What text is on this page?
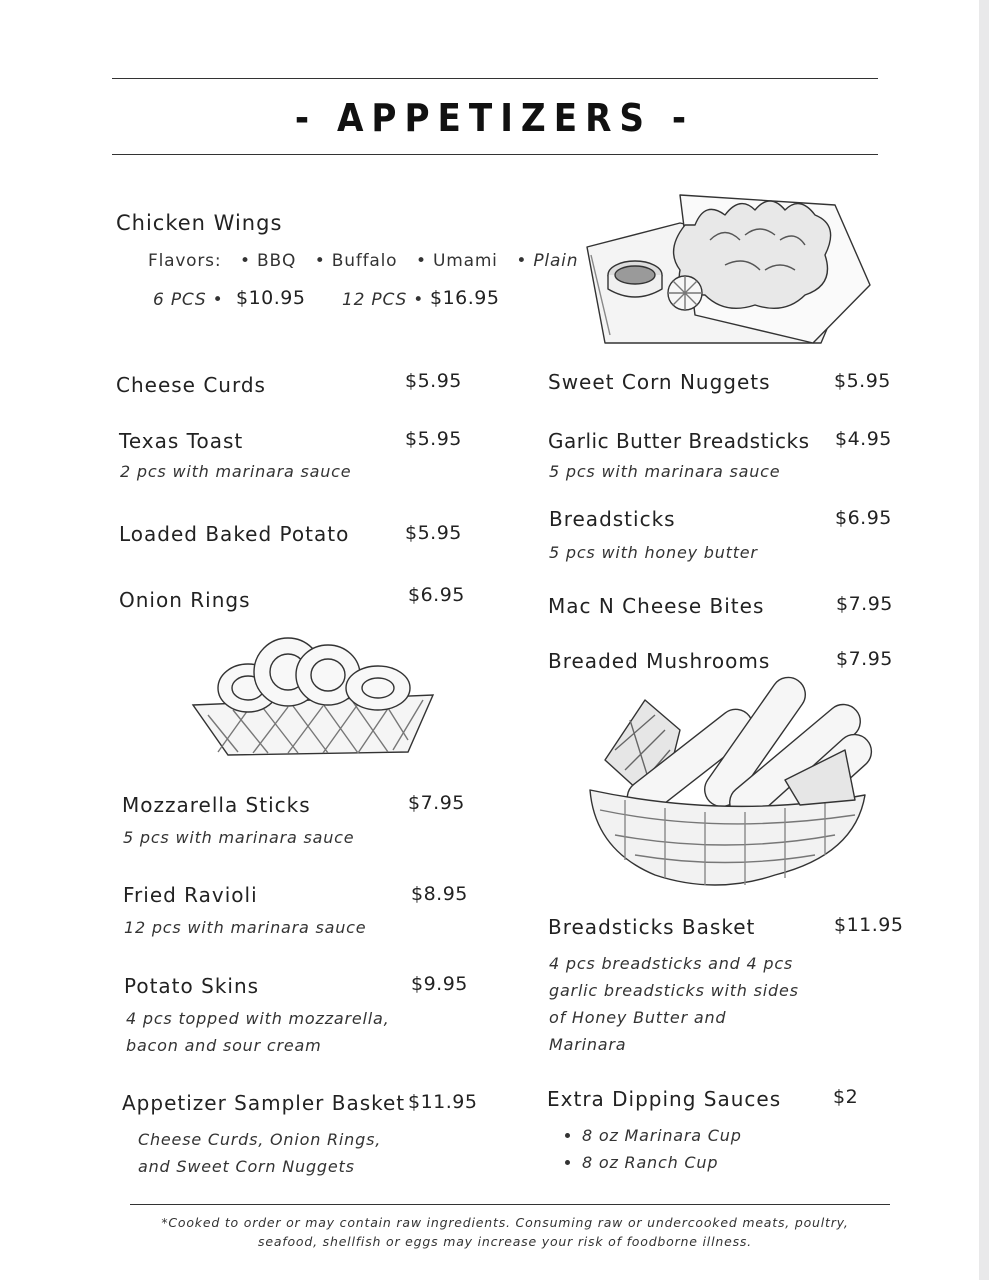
- APPETIZERS -
Chicken Wings
Flavors: • BBQ • Buffalo • Umami • Plain
6 PCS • $10.95 12 PCS • $16.95
Cheese Curds	$5.95
Texas Toast	$5.95
2 pcs with marinara sauce
Loaded Baked Potato	$5.95
Onion Rings	$6.95
Mozzarella Sticks	$7.95
5 pcs with marinara sauce
Fried Ravioli	$8.95
12 pcs with marinara sauce
Potato Skins	$9.95
4 pcs topped with mozzarella,
bacon and sour cream
Appetizer Sampler Basket $11.95
Cheese Curds, Onion Rings,
and Sweet Corn Nuggets
Sweet Corn Nuggets	$5.95
Garlic Butter Breadsticks $4.95
5 pcs with marinara sauce
Breadsticks	$6.95
5 pcs with honey butter
Mac N Cheese Bites	$7.95
Breaded Mushrooms	$7.95
Breadsticks Basket	$11.95
4 pcs breadsticks and 4 pcs
garlic breadsticks with sides
of Honey Butter and
Marinara
Extra Dipping Sauces	$2
• 8 oz Marinara Cup
• 8 oz Ranch Cup
*Cooked to order or may contain raw ingredients. Consuming raw or undercooked meats, poultry,
seafood, shellfish or eggs may increase your risk of foodborne illness.
